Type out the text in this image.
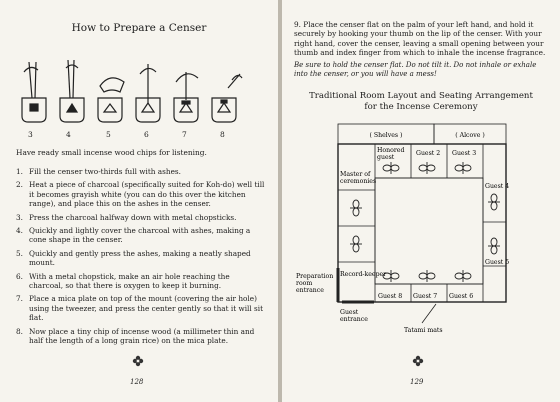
How to Prepare a Censer
3	4	5	6	7	8
Have ready small incense wood chips for listening.
1. Fill the censer two-thirds full with ashes.
2. Heat a piece of charcoal (specifically suited for Koh-do) well till it becomes grayish white (you can do this over the kitchen range), and place this on the ashes in the censer.
3. Press the charcoal halfway down with metal chopsticks.
4. Quickly and lightly cover the charcoal with ashes, making a cone shape in the censer.
5. Quickly and gently press the ashes, making a neatly shaped mount.
6. With a metal chopstick, make an air hole reaching the charcoal, so that there is oxygen to keep it burning.
7. Place a mica plate on top of the mount (covering the air hole) using the tweezer, and press the center gently so that it will sit flat.
8. Now place a tiny chip of incense wood (a millimeter thin and half the length of a long grain rice) on the mica plate.
128
9. Place the censer flat on the palm of your left hand, and hold it securely by hooking your thumb on the lip of the censer. With your right hand, cover the censer, leaving a small opening between your thumb and index finger from which to inhale the incense fragrance.
Be sure to hold the censer flat. Do not tilt it. Do not inhale or exhale into the censer, or you will have a mess!
Traditional Room Layout and Seating Arrangement
for the Incense Ceremony
( Shelves )	( Alcove )
Honored guest
Guest 2 Guest 3
Guest 4
Guest 5
Guest 6
Guest 7
Guest 8
Master of ceremonies
Record-keeper
Preparation room entrance
Guest entrance
Tatami mats
129
